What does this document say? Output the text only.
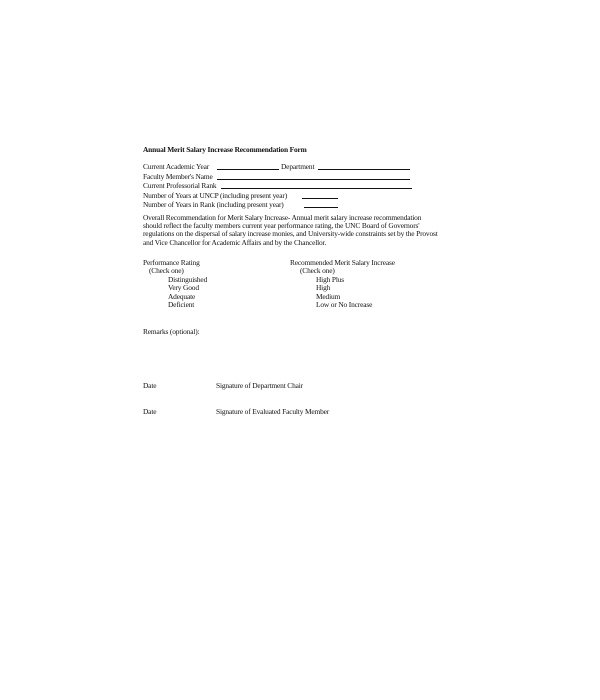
Annual Merit Salary Increase Recommendation Form
Current Academic Year	Department
Faculty Member's Name
Current Professorial Rank
Number of Years at UNCP (including present year)
Number of Years in Rank (including present year)
Overall Recommendation for Merit Salary Increase- Annual merit salary increase recommendation
should reflect the faculty members current year performance rating, the UNC Board of Governors'
regulations on the dispersal of salary increase monies, and University-wide constraints set by the Provost
and Vice Chancellor for Academic Affairs and by the Chancellor.
Performance Rating
(Check one)
Distinguished
Very Good
Adequate
Deficient
Recommended Merit Salary Increase
(Check one)
High Plus
High
Medium
Low or No Increase
Remarks (optional):
Date	Signature of Department Chair
Date	Signature of Evaluated Faculty Member
